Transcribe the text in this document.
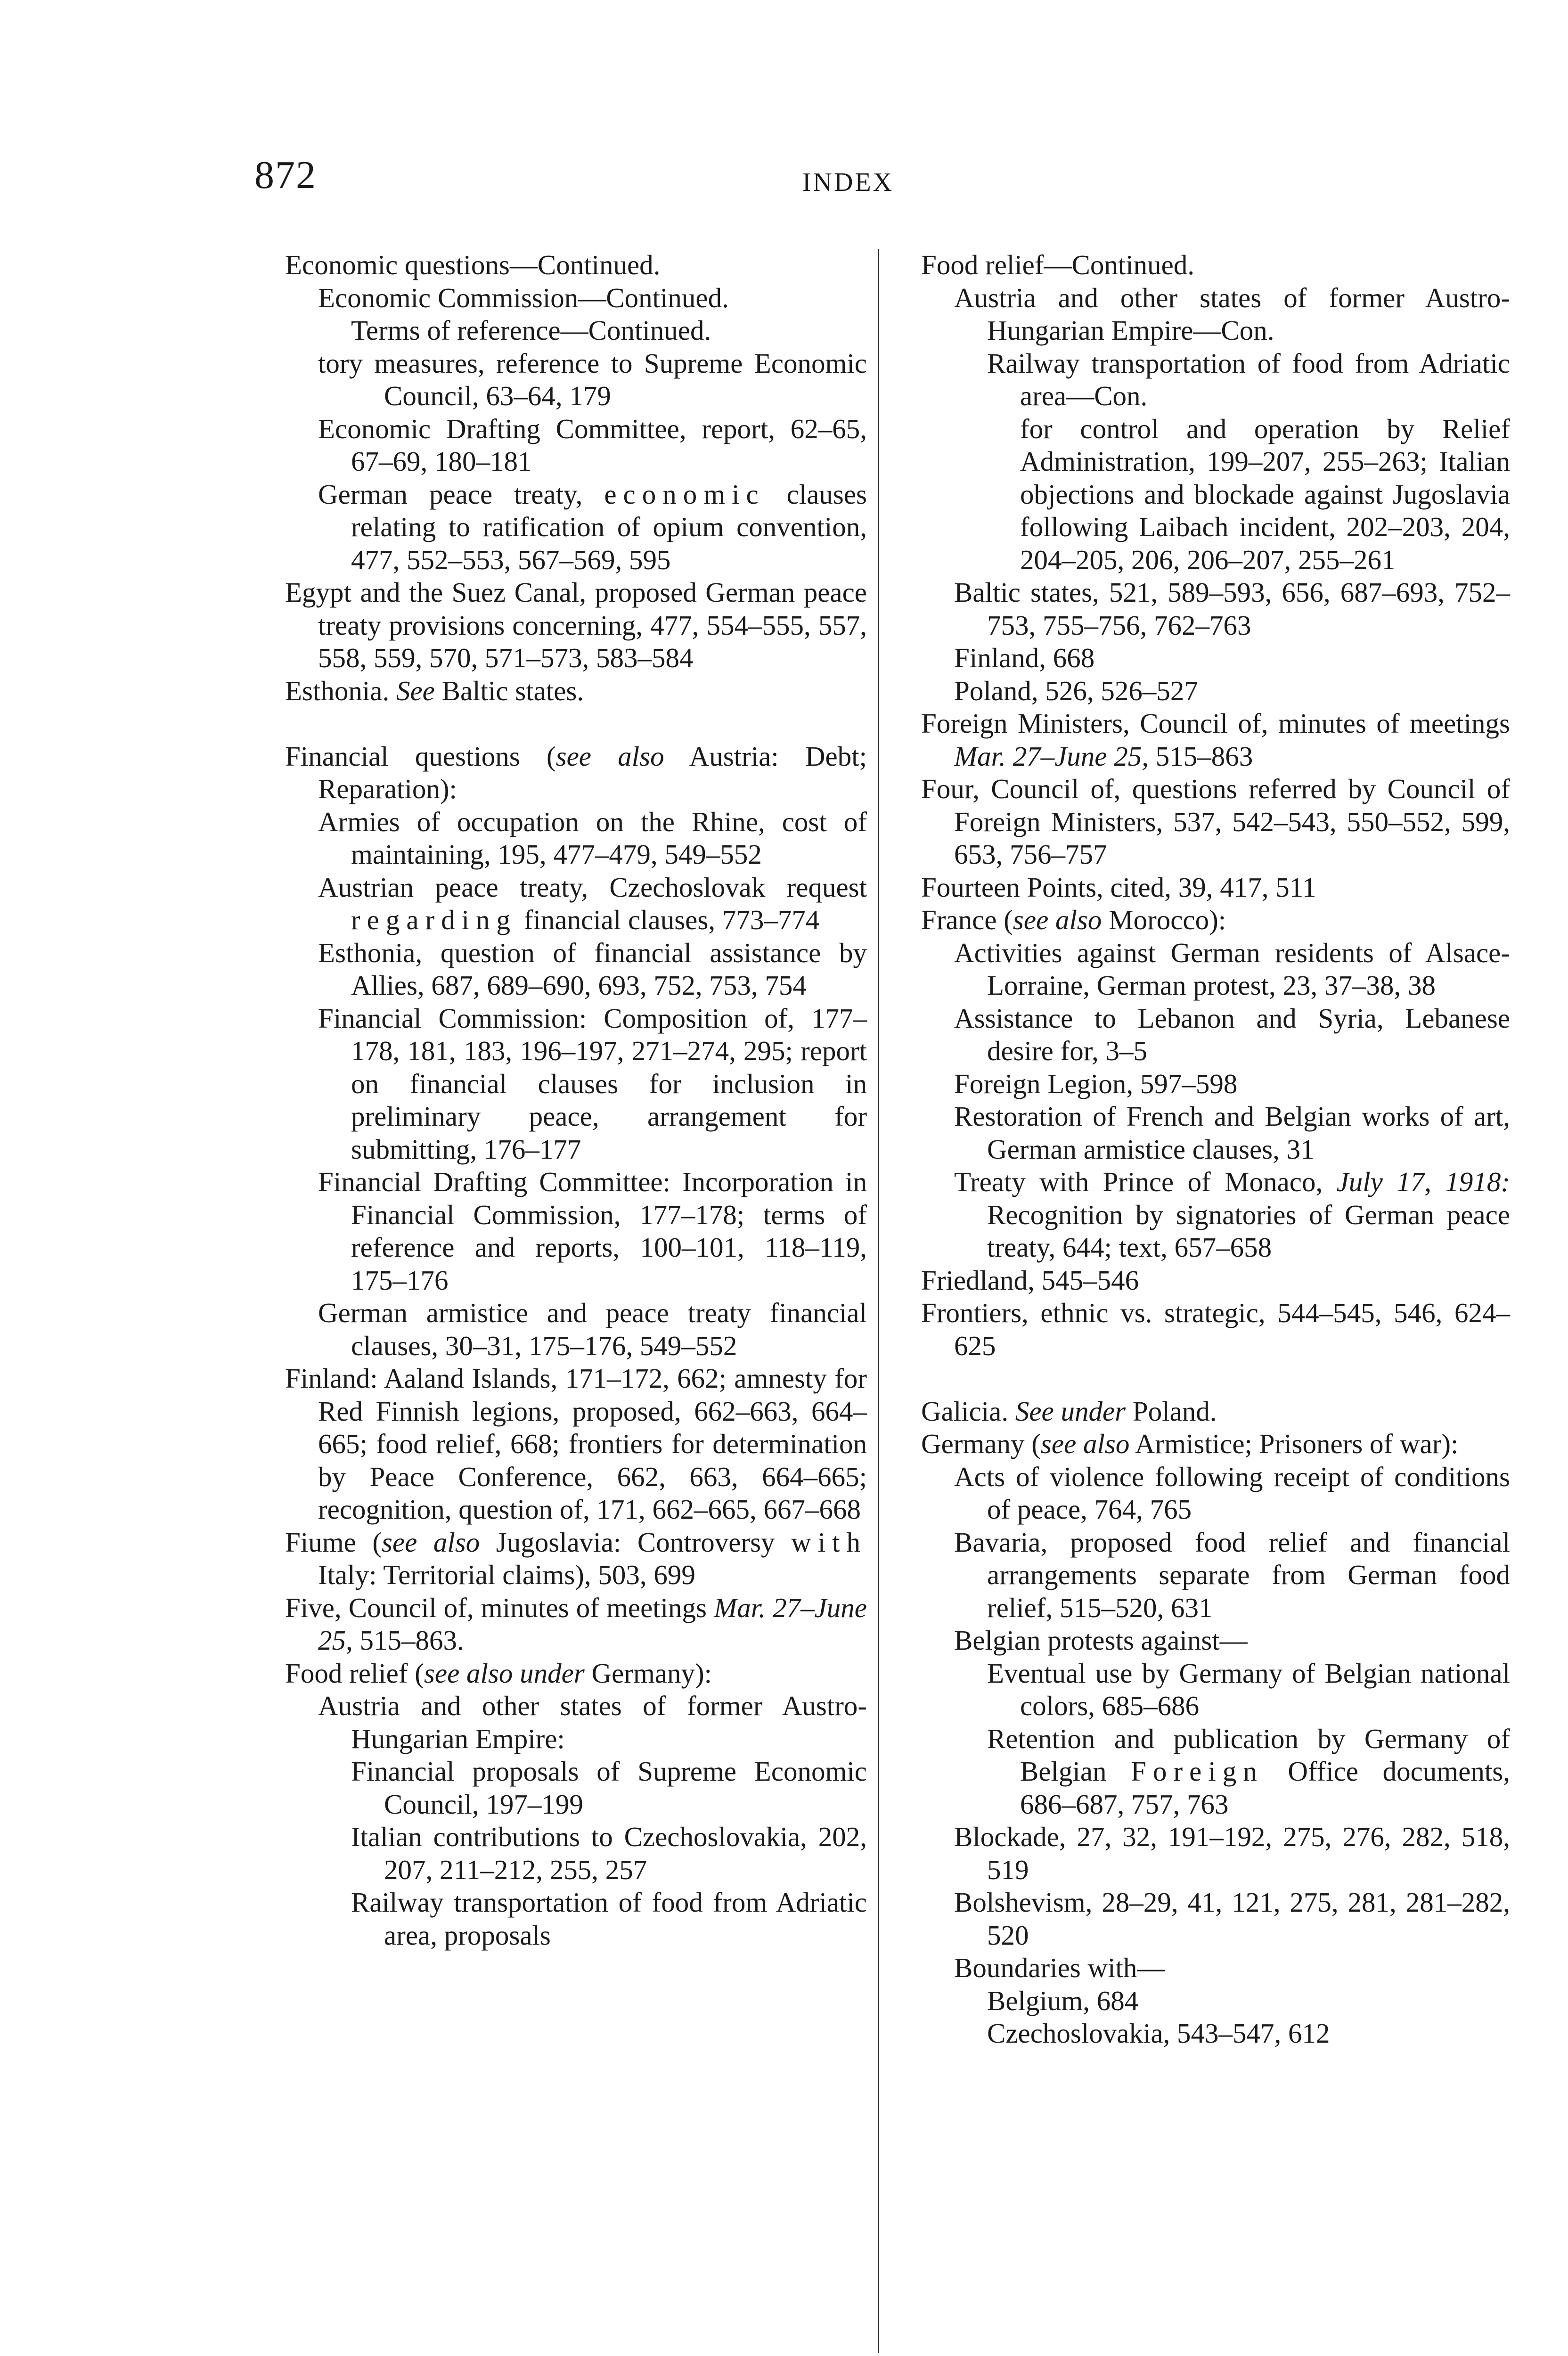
872	INDEX

Economic questions—Continued.

Economic Commission—Continued.

Terms of reference—Continued.

tory measures, reference to Supreme Economic Council, 63–64, 179

Economic Drafting Committee, report, 62–65, 67–69, 180–181

German peace treaty, economic clauses relating to ratification of opium convention, 477, 552–553, 567–569, 595

Egypt and the Suez Canal, proposed German peace treaty provisions concerning, 477, 554–555, 557, 558, 559, 570, 571–573, 583–584

Esthonia. See Baltic states.

Financial questions (see also Austria: Debt; Reparation):

Armies of occupation on the Rhine, cost of maintaining, 195, 477–479, 549–552

Austrian peace treaty, Czechoslovak request regarding financial clauses, 773–774

Esthonia, question of financial assistance by Allies, 687, 689–690, 693, 752, 753, 754

Financial Commission: Composition of, 177–178, 181, 183, 196–197, 271–274, 295; report on financial clauses for inclusion in preliminary peace, arrangement for submitting, 176–177

Financial Drafting Committee: Incorporation in Financial Commission, 177–178; terms of reference and reports, 100–101, 118–119, 175–176

German armistice and peace treaty financial clauses, 30–31, 175–176, 549–552

Finland: Aaland Islands, 171–172, 662; amnesty for Red Finnish legions, proposed, 662–663, 664–665; food relief, 668; frontiers for determination by Peace Conference, 662, 663, 664–665; recognition, question of, 171, 662–665, 667–668

Fiume (see also Jugoslavia: Controversy with Italy: Territorial claims), 503, 699

Five, Council of, minutes of meetings Mar. 27–June 25, 515–863.

Food relief (see also under Germany):

Austria and other states of former Austro-Hungarian Empire:

Financial proposals of Supreme Economic Council, 197–199

Italian contributions to Czechoslovakia, 202, 207, 211–212, 255, 257

Railway transportation of food from Adriatic area, proposals

Food relief—Continued.

Austria and other states of former Austro-Hungarian Empire—Con.

Railway transportation of food from Adriatic area—Con.

for control and operation by Relief Administration, 199–207, 255–263; Italian objections and blockade against Jugoslavia following Laibach incident, 202–203, 204, 204–205, 206, 206–207, 255–261

Baltic states, 521, 589–593, 656, 687–693, 752–753, 755–756, 762–763

Finland, 668

Poland, 526, 526–527

Foreign Ministers, Council of, minutes of meetings Mar. 27–June 25, 515–863

Four, Council of, questions referred by Council of Foreign Ministers, 537, 542–543, 550–552, 599, 653, 756–757

Fourteen Points, cited, 39, 417, 511

France (see also Morocco):

Activities against German residents of Alsace-Lorraine, German protest, 23, 37–38, 38

Assistance to Lebanon and Syria, Lebanese desire for, 3–5

Foreign Legion, 597–598

Restoration of French and Belgian works of art, German armistice clauses, 31

Treaty with Prince of Monaco, July 17, 1918: Recognition by signatories of German peace treaty, 644; text, 657–658

Friedland, 545–546

Frontiers, ethnic vs. strategic, 544–545, 546, 624–625

Galicia. See under Poland.

Germany (see also Armistice; Prisoners of war):

Acts of violence following receipt of conditions of peace, 764, 765

Bavaria, proposed food relief and financial arrangements separate from German food relief, 515–520, 631

Belgian protests against—

Eventual use by Germany of Belgian national colors, 685–686

Retention and publication by Germany of Belgian Foreign Office documents, 686–687, 757, 763

Blockade, 27, 32, 191–192, 275, 276, 282, 518, 519

Bolshevism, 28–29, 41, 121, 275, 281, 281–282, 520

Boundaries with—

Belgium, 684

Czechoslovakia, 543–547, 612
